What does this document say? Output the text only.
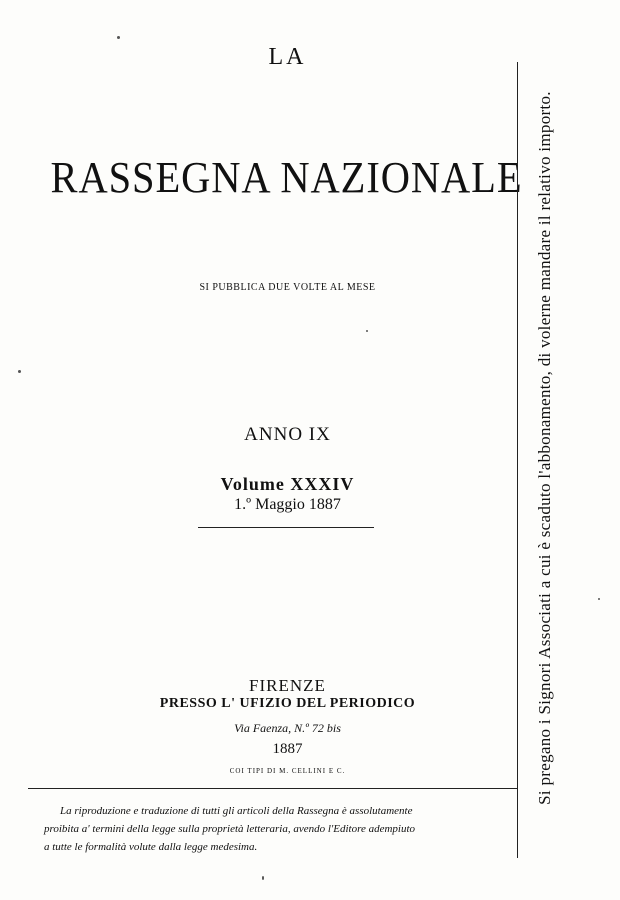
LA
RASSEGNA NAZIONALE
SI PUBBLICA DUE VOLTE AL MESE
ANNO IX
Volume XXXIV
1.º Maggio 1887
FIRENZE
PRESSO L' UFIZIO DEL PERIODICO
Via Faenza, N.º 72 bis
1887
COI TIPI DI M. CELLINI E C.
La riproduzione e traduzione di tutti gli articoli della Rassegna è assolutamente
proibita a' termini della legge sulla proprietà letteraria, avendo l'Editore adempiuto
a tutte le formalità volute dalla legge medesima.
Si pregano i Signori Associati a cui è scaduto l'abbonamento, di volerne mandare il relativo importo.
